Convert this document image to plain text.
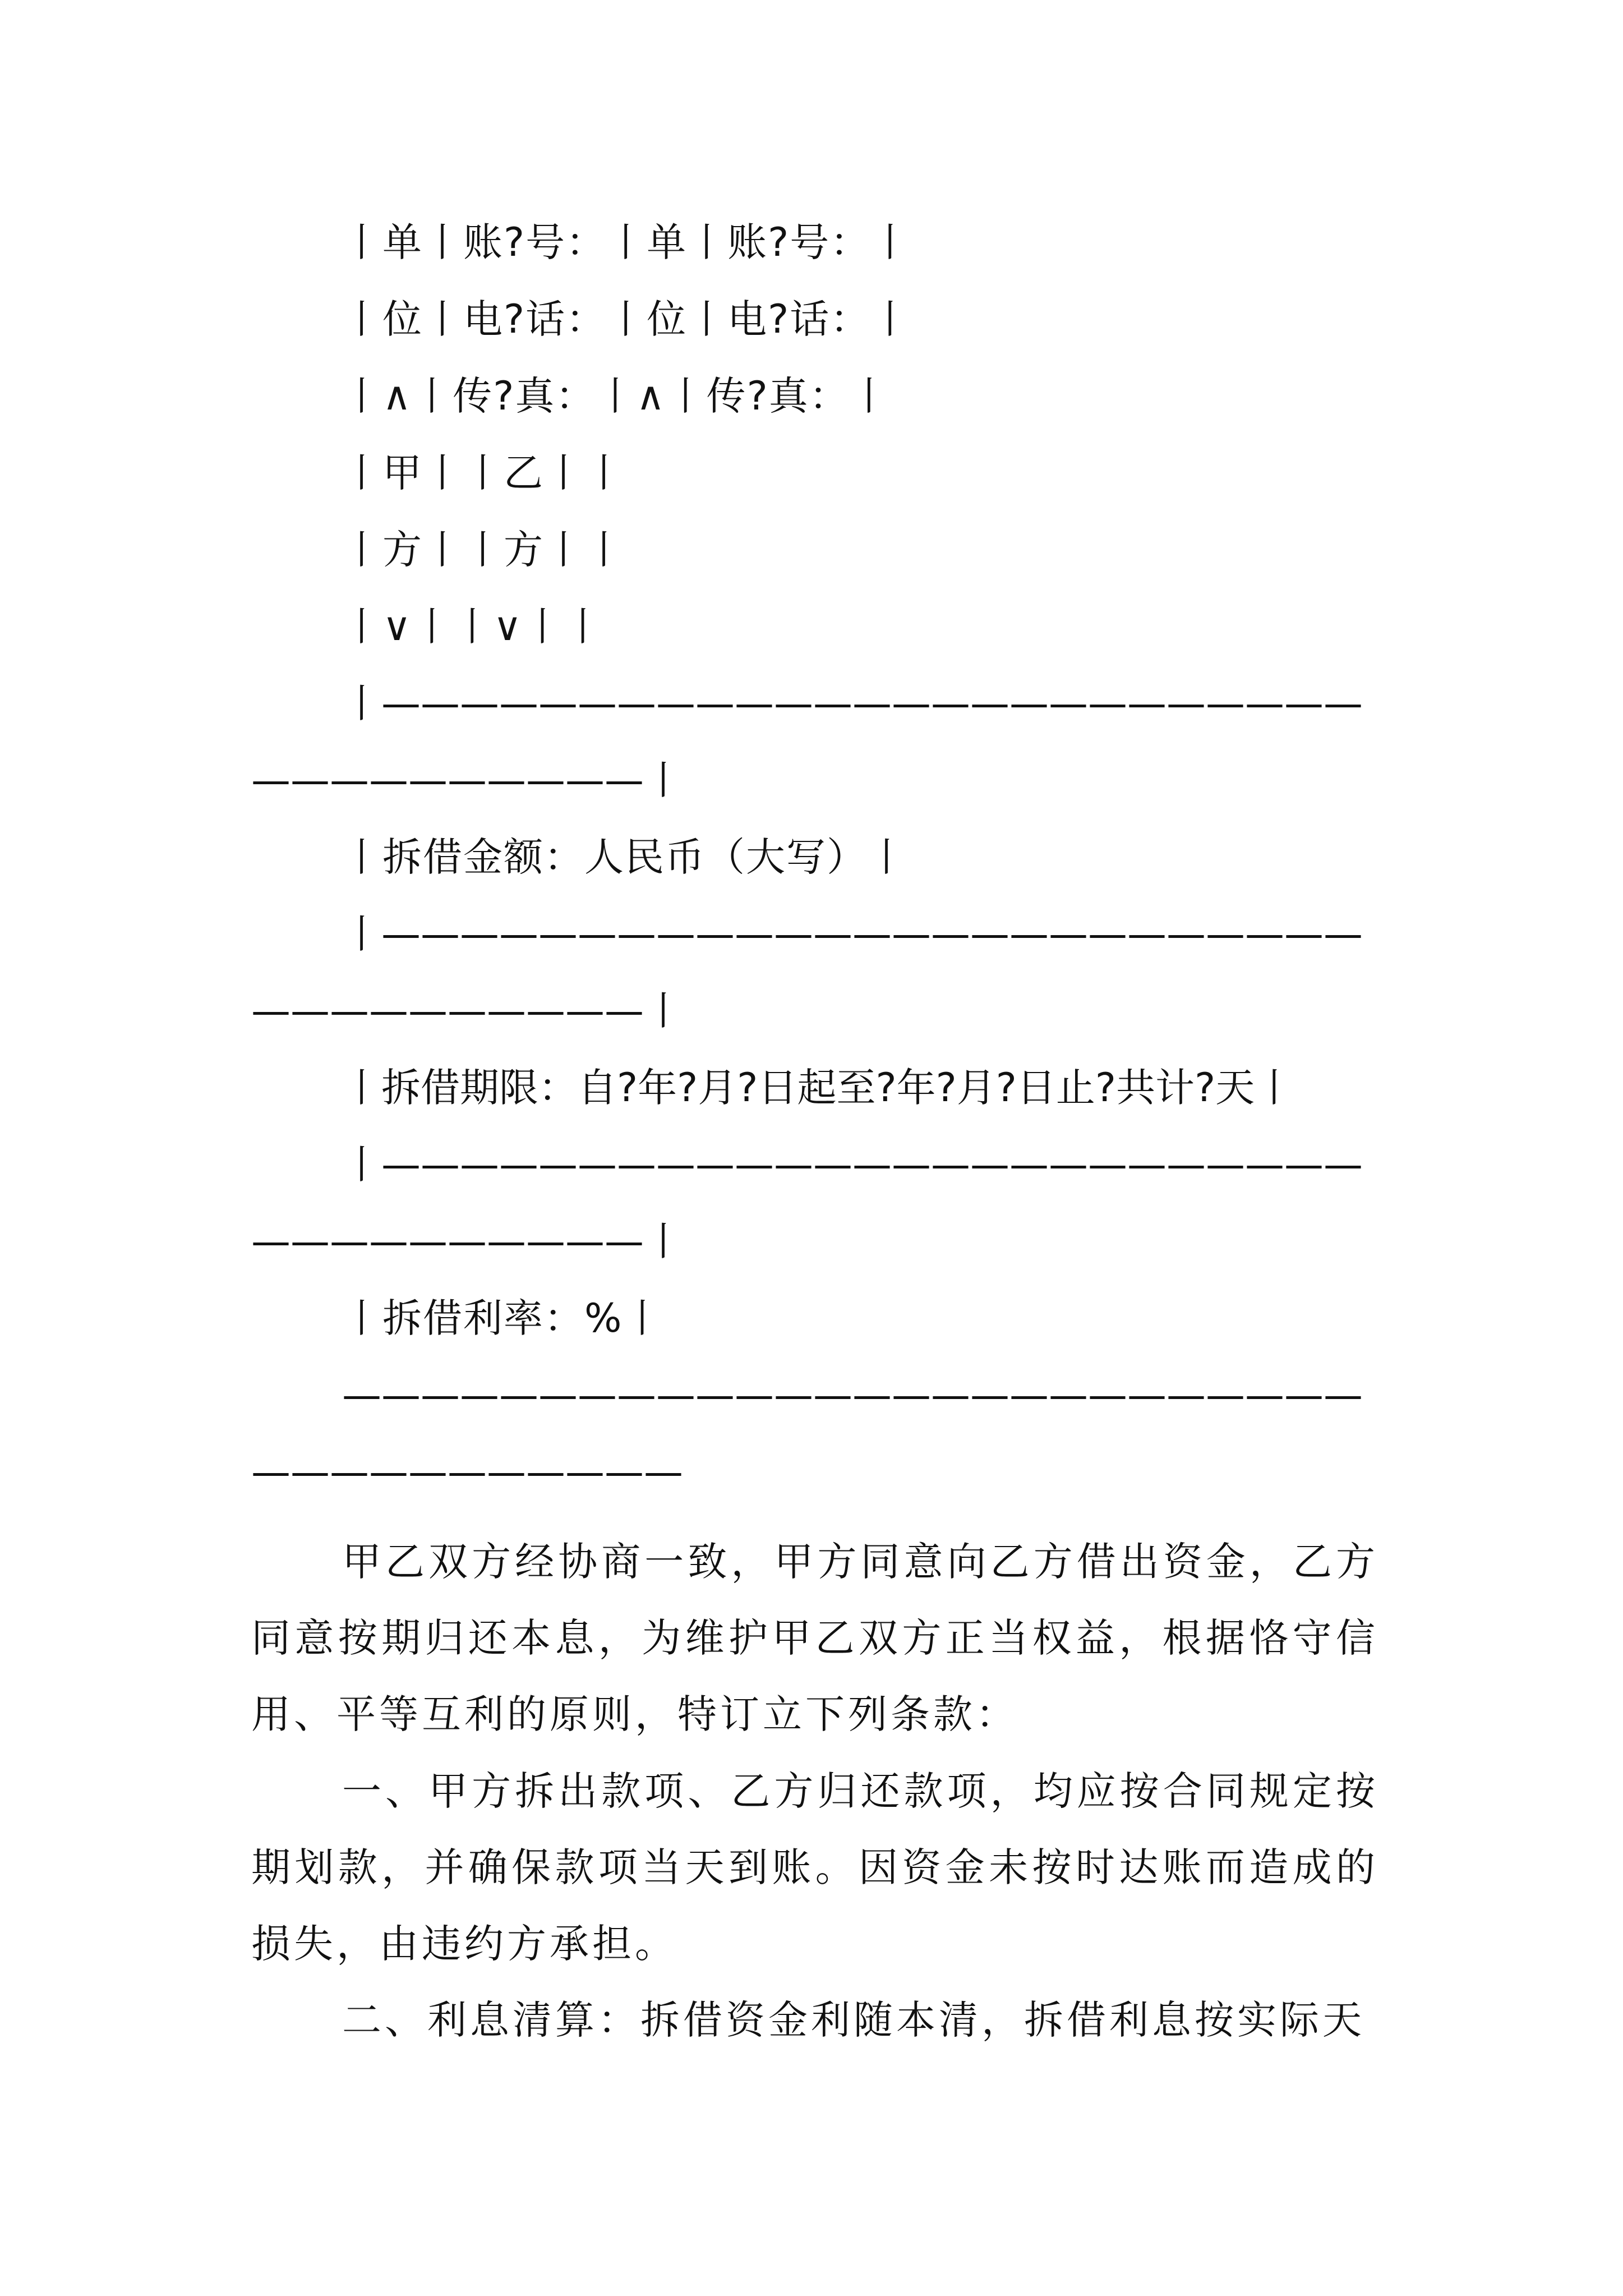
丨单丨账?号：丨单丨账?号：丨
丨位丨电?话：丨位丨电?话：丨
丨∧丨传?真：丨∧丨传?真：丨
丨甲丨丨乙丨丨
丨方丨丨方丨丨
丨∨丨丨∨丨丨
丨—————————————————————————
——————————丨
丨拆借金额：人民币（大写）丨
丨—————————————————————————
——————————丨
丨拆借期限：自?年?月?日起至?年?月?日止?共计?天丨
丨—————————————————————————
——————————丨
丨拆借利率：%丨
——————————————————————————
———————————
甲乙双方经协商一致，甲方同意向乙方借出资金，乙方同意按期归还本息，为维护甲乙双方正当权益，根据恪守信用、平等互利的原则，特订立下列条款：
一、甲方拆出款项、乙方归还款项，均应按合同规定按期划款，并确保款项当天到账。因资金未按时达账而造成的损失，由违约方承担。
二、利息清算：拆借资金利随本清，拆借利息按实际天
